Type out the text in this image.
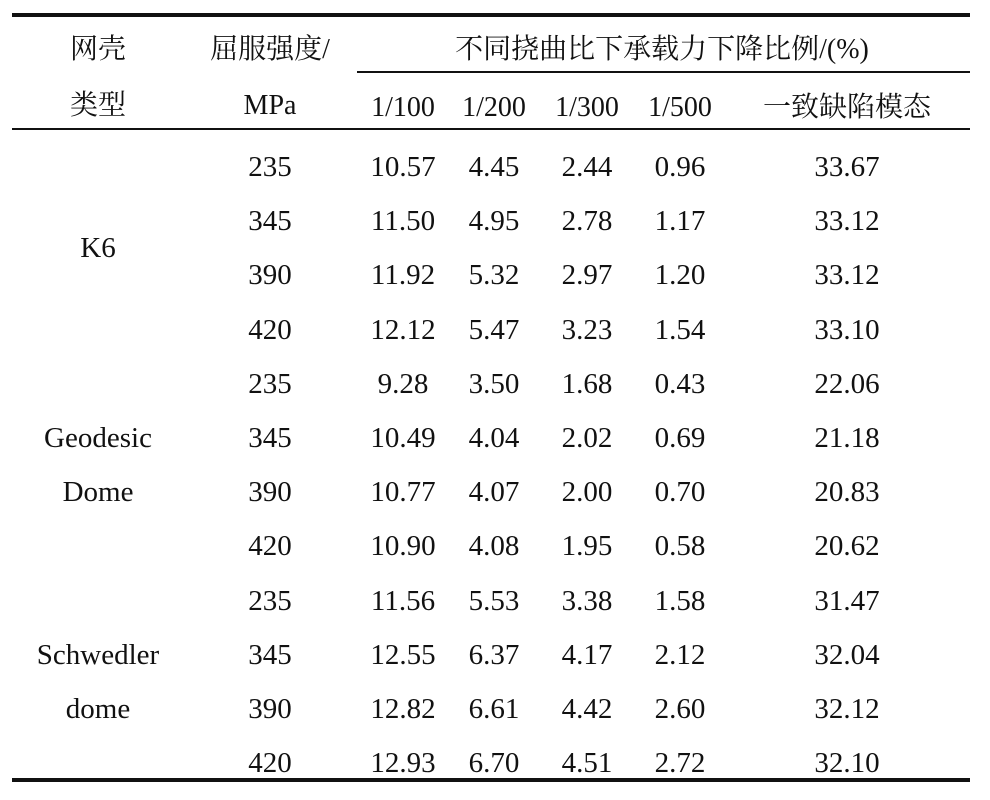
网壳
类型
屈服强度/
MPa
不同挠曲比下承载力下降比例/(%)
1/100 1/200 1/300 1/500 一致缺陷模态
K6
235	10.57 4.45 2.44 0.96	33.67
345	11.50 4.95 2.78 1.17	33.12
390	11.92 5.32 2.97 1.20	33.12
420	12.12 5.47 3.23 1.54	33.10
Geodesic
Dome
235	9.28 3.50 1.68 0.43	22.06
345	10.49 4.04 2.02 0.69	21.18
390	10.77 4.07 2.00 0.70	20.83
420	10.90 4.08 1.95 0.58	20.62
Schwedler
dome
235	11.56 5.53 3.38 1.58	31.47
345	12.55 6.37 4.17 2.12	32.04
390	12.82 6.61 4.42 2.60	32.12
420	12.93 6.70 4.51 2.72	32.10
